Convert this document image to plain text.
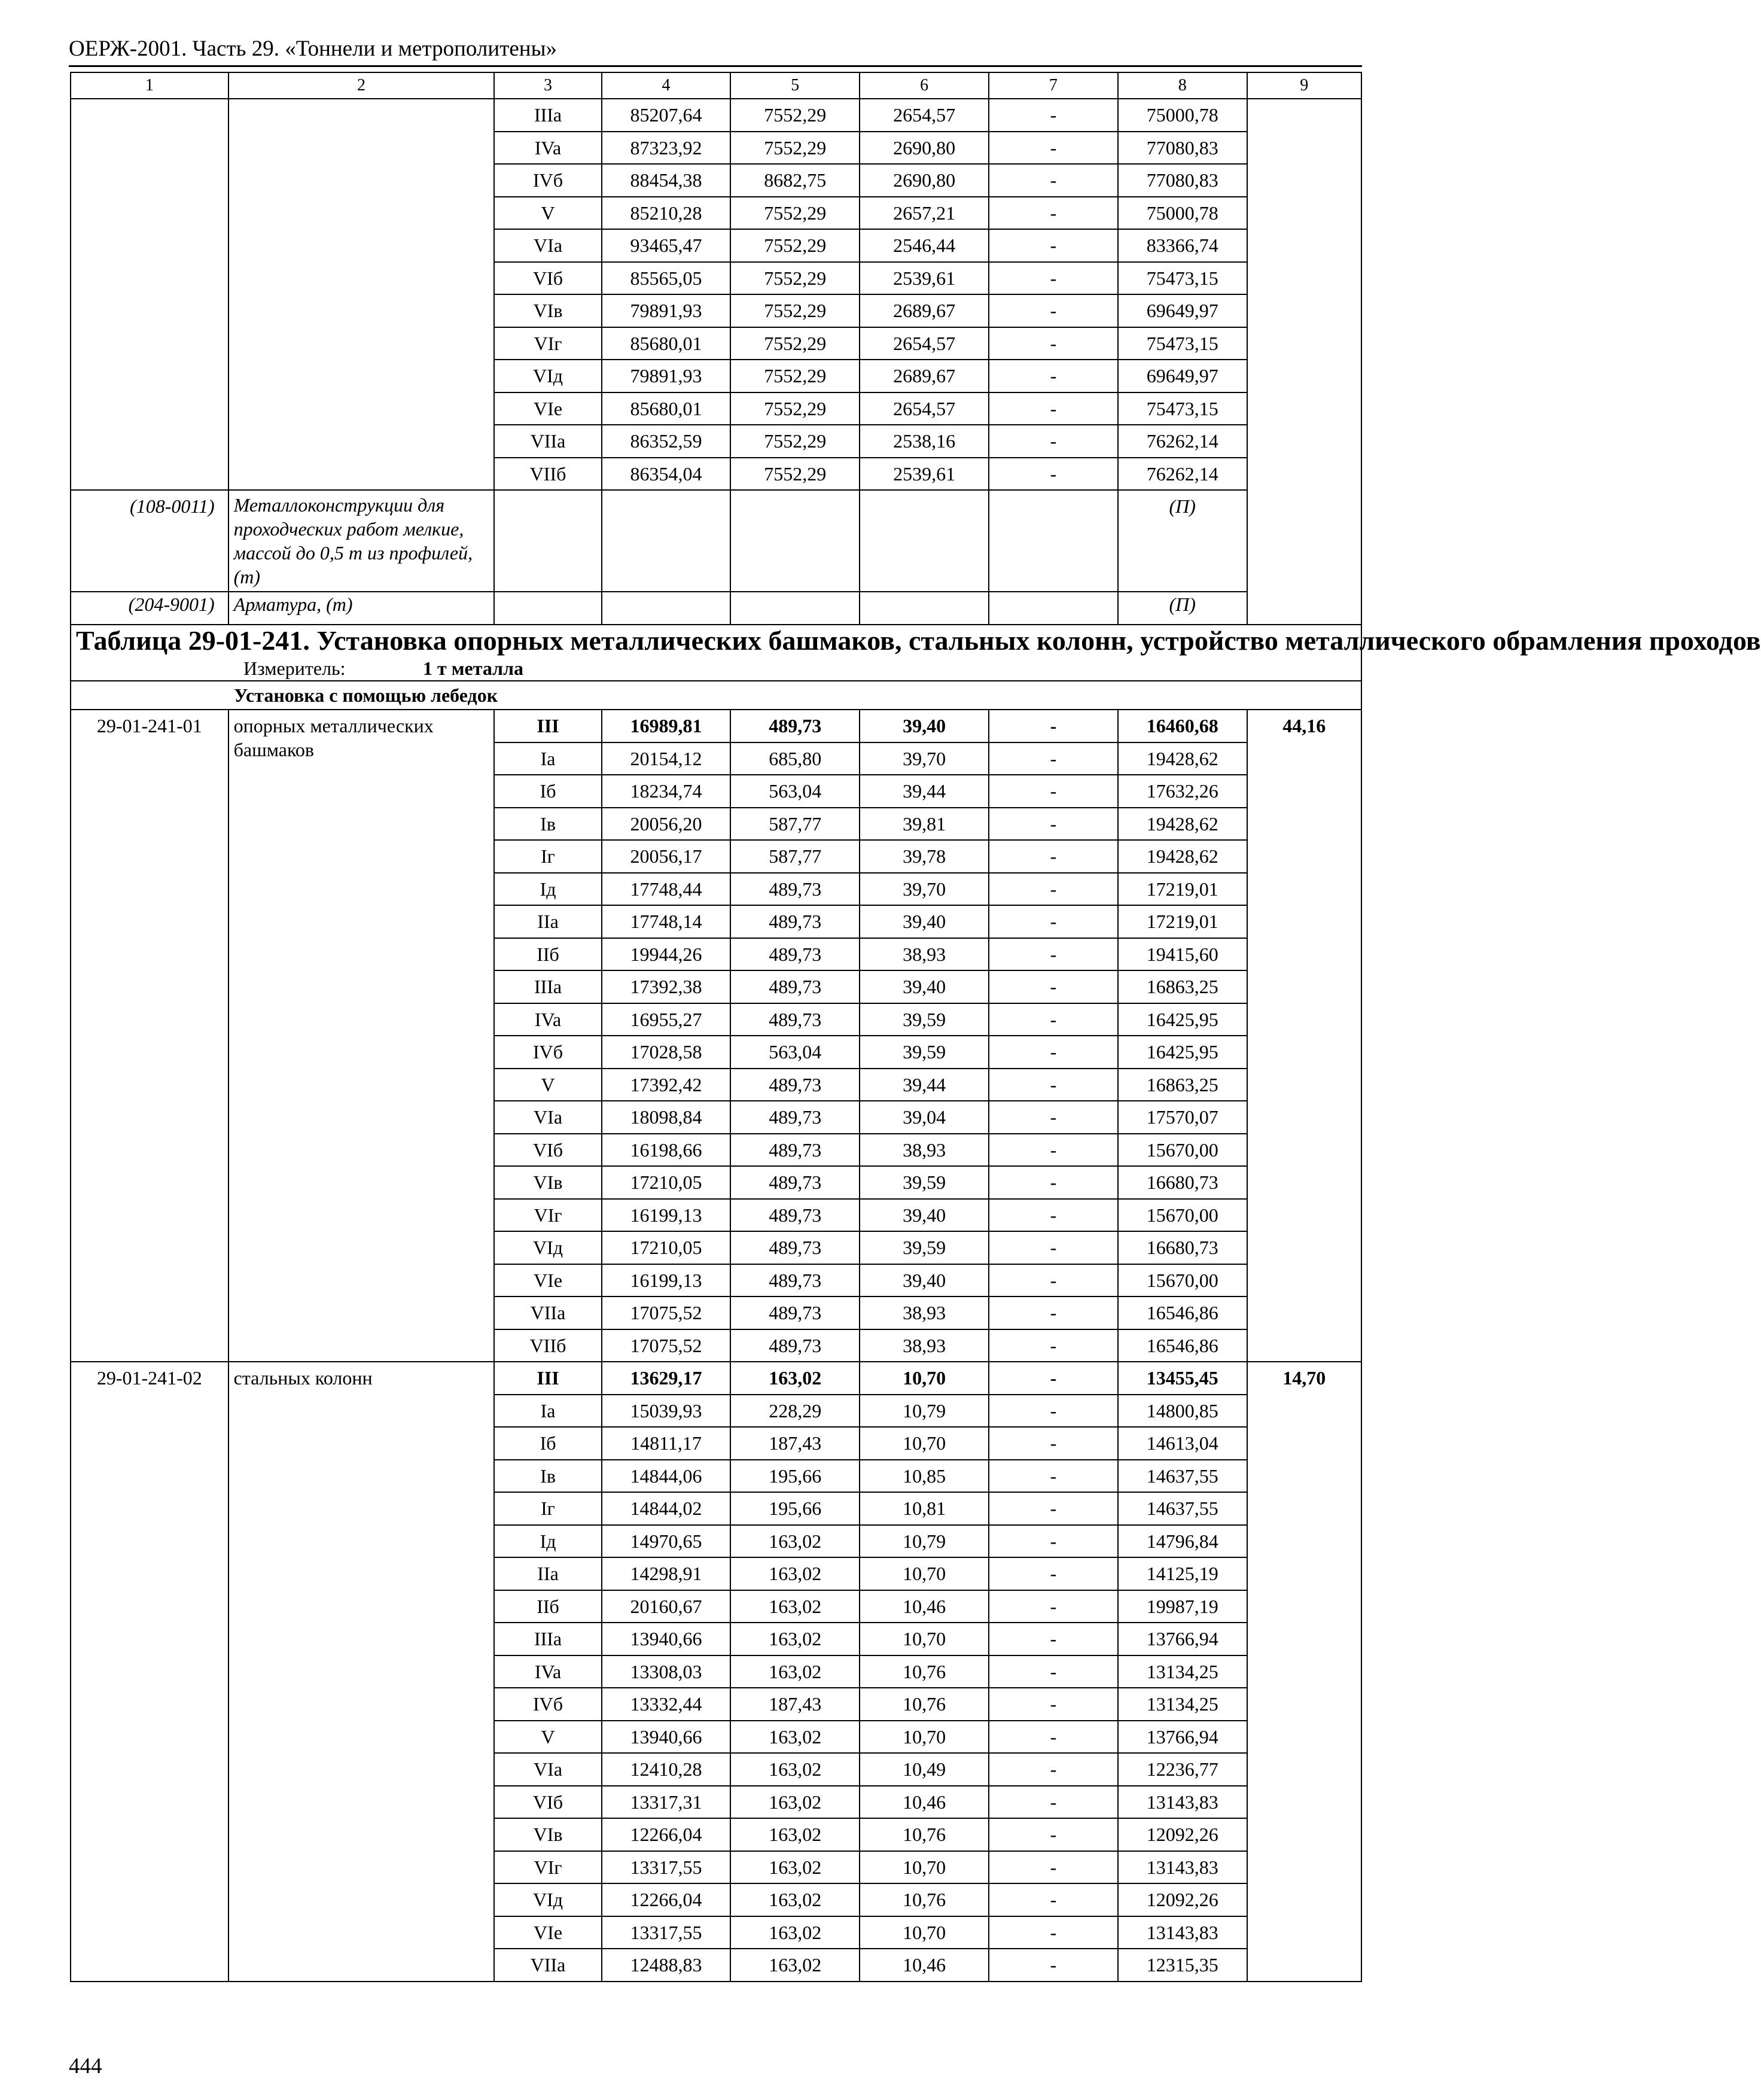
ОЕРЖ-2001. Часть 29. «Тоннели и метрополитены»
1	2	3	4	5	6	7	8	9
		IIIa	85207,64	7552,29	2654,57	-	75000,78	
		IVa	87323,92	7552,29	2690,80	-	77080,83	
		IVб	88454,38	8682,75	2690,80	-	77080,83	
		V	85210,28	7552,29	2657,21	-	75000,78	
		VIa	93465,47	7552,29	2546,44	-	83366,74	
		VIб	85565,05	7552,29	2539,61	-	75473,15	
		VIв	79891,93	7552,29	2689,67	-	69649,97	
		VIг	85680,01	7552,29	2654,57	-	75473,15	
		VIд	79891,93	7552,29	2689,67	-	69649,97	
		VIe	85680,01	7552,29	2654,57	-	75473,15	
		VIIa	86352,59	7552,29	2538,16	-	76262,14	
		VIIб	86354,04	7552,29	2539,61	-	76262,14	
(108-0011)	Металлоконструкции для проходческих работ мелкие, массой до 0,5 т из профилей, (т)						(П)	
(204-9001)	Арматура, (т)						(П)	
Таблица 29-01-241. Установка опорных металлических башмаков, стальных колонн, устройство металлического обрамления проходов								
Измеритель: 1 т металла								
Установка с помощью лебедок								
29-01-241-01	опорных металлических башмаков	III	16989,81	489,73	39,40	-	16460,68	44,16
		Ia	20154,12	685,80	39,70	-	19428,62	
		Iб	18234,74	563,04	39,44	-	17632,26	
		Iв	20056,20	587,77	39,81	-	19428,62	
		Iг	20056,17	587,77	39,78	-	19428,62	
		Iд	17748,44	489,73	39,70	-	17219,01	
		IIa	17748,14	489,73	39,40	-	17219,01	
		IIб	19944,26	489,73	38,93	-	19415,60	
		IIIa	17392,38	489,73	39,40	-	16863,25	
		IVa	16955,27	489,73	39,59	-	16425,95	
		IVб	17028,58	563,04	39,59	-	16425,95	
		V	17392,42	489,73	39,44	-	16863,25	
		VIa	18098,84	489,73	39,04	-	17570,07	
		VIб	16198,66	489,73	38,93	-	15670,00	
		VIв	17210,05	489,73	39,59	-	16680,73	
		VIг	16199,13	489,73	39,40	-	15670,00	
		VIд	17210,05	489,73	39,59	-	16680,73	
		VIe	16199,13	489,73	39,40	-	15670,00	
		VIIa	17075,52	489,73	38,93	-	16546,86	
		VIIб	17075,52	489,73	38,93	-	16546,86	
29-01-241-02	стальных колонн	III	13629,17	163,02	10,70	-	13455,45	14,70
		Ia	15039,93	228,29	10,79	-	14800,85	
		Iб	14811,17	187,43	10,70	-	14613,04	
		Iв	14844,06	195,66	10,85	-	14637,55	
		Iг	14844,02	195,66	10,81	-	14637,55	
		Iд	14970,65	163,02	10,79	-	14796,84	
		IIa	14298,91	163,02	10,70	-	14125,19	
		IIб	20160,67	163,02	10,46	-	19987,19	
		IIIa	13940,66	163,02	10,70	-	13766,94	
		IVa	13308,03	163,02	10,76	-	13134,25	
		IVб	13332,44	187,43	10,76	-	13134,25	
		V	13940,66	163,02	10,70	-	13766,94	
		VIa	12410,28	163,02	10,49	-	12236,77	
		VIб	13317,31	163,02	10,46	-	13143,83	
		VIв	12266,04	163,02	10,76	-	12092,26	
		VIг	13317,55	163,02	10,70	-	13143,83	
		VIд	12266,04	163,02	10,76	-	12092,26	
		VIe	13317,55	163,02	10,70	-	13143,83	
		VIIa	12488,83	163,02	10,46	-	12315,35	
444
